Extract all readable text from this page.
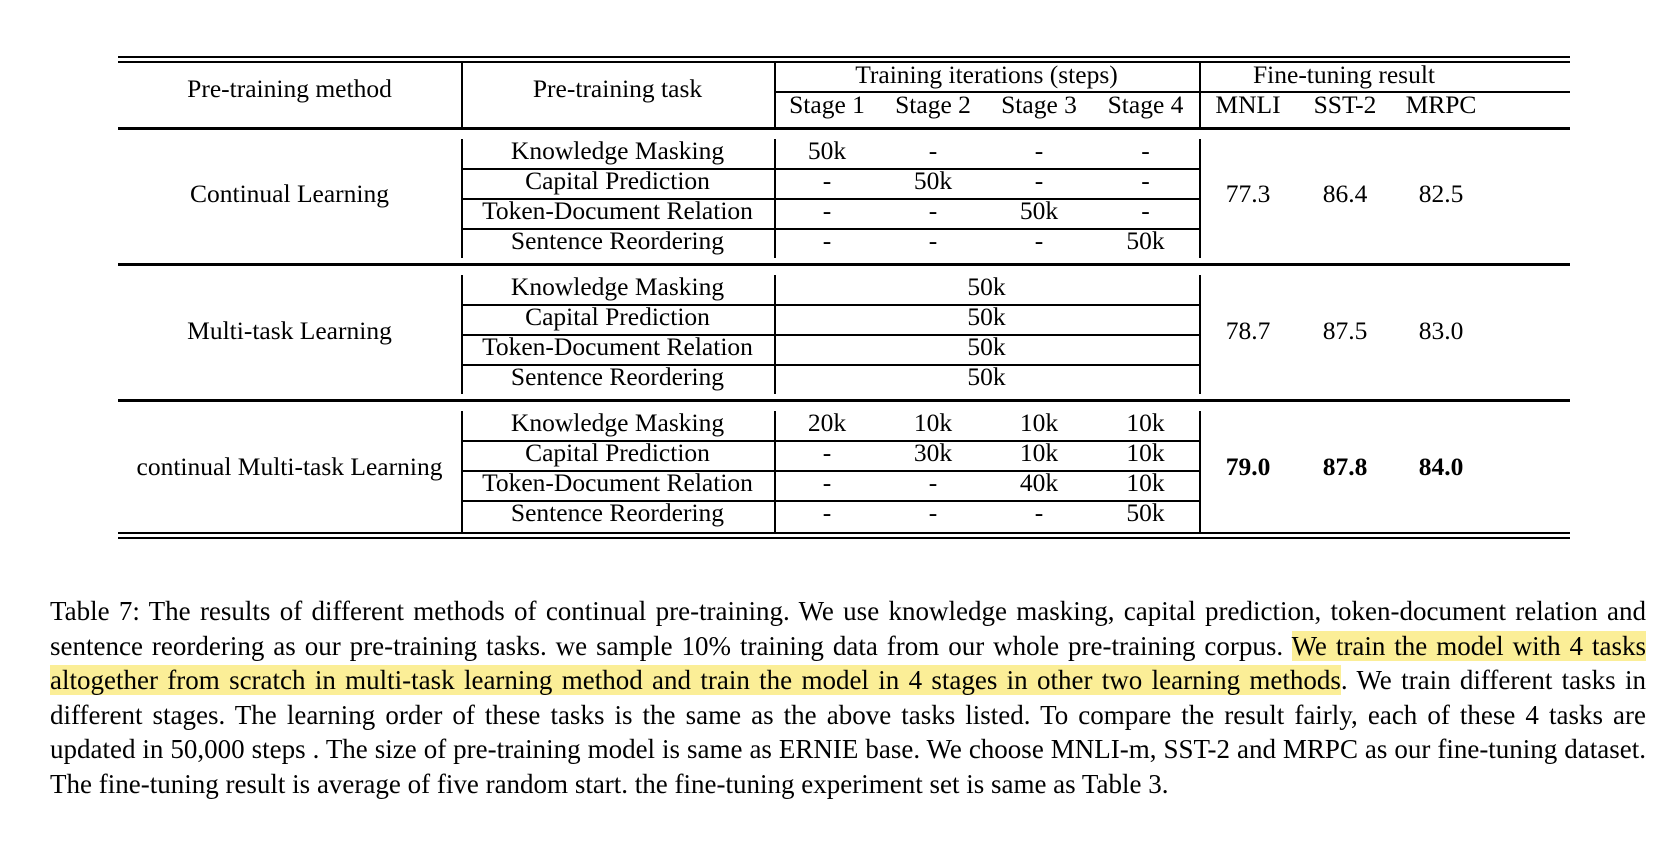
Pre-training method	Pre-training task	Training iterations (steps)	Fine-tuning result
Stage 1	Stage 2	Stage 3	Stage 4	MNLI	SST-2	MRPC
Continual Learning
Knowledge Masking	50k	-	-	-
Capital Prediction	-	50k	-	-
Token-Document Relation	-	-	50k	-
Sentence Reordering	-	-	-	50k
77.3	86.4	82.5
Multi-task Learning
Knowledge Masking	50k
Capital Prediction	50k
Token-Document Relation	50k
Sentence Reordering	50k
78.7	87.5	83.0
continual Multi-task Learning
Knowledge Masking	20k	10k	10k	10k
Capital Prediction	-	30k	10k	10k
Token-Document Relation	-	-	40k	10k
Sentence Reordering	-	-	-	50k
79.0	87.8	84.0
Table 7: The results of different methods of continual pre-training. We use knowledge masking, capital prediction, token-document relation and sentence reordering as our pre-training tasks. we sample 10% training data from our whole pre-training corpus. We train the model with 4 tasks altogether from scratch in multi-task learning method and train the model in 4 stages in other two learning methods. We train different tasks in different stages. The learning order of these tasks is the same as the above tasks listed. To compare the result fairly, each of these 4 tasks are updated in 50,000 steps . The size of pre-training model is same as ERNIE base. We choose MNLI-m, SST-2 and MRPC as our fine-tuning dataset. The fine-tuning result is average of five random start. the fine-tuning experiment set is same as Table 3.
